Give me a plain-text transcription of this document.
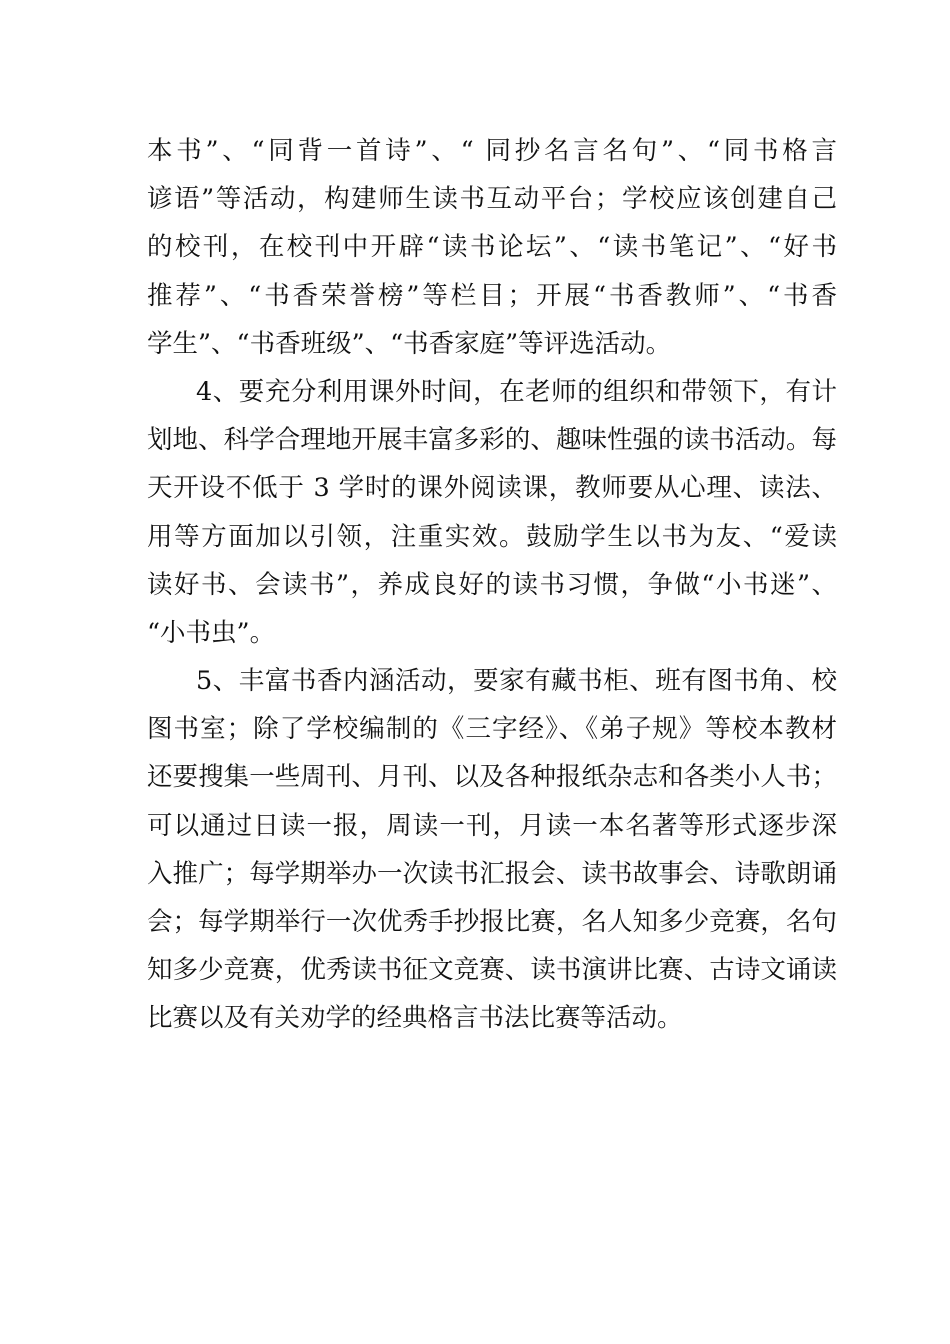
本书”、“同背一首诗”、“ 同抄名言名句”、“同书格言
谚语”等活动，构建师生读书互动平台；学校应该创建自己
的校刊，在校刊中开辟“读书论坛”、“读书笔记”、“好书
推荐”、“书香荣誉榜”等栏目；开展“书香教师”、“书香
学生”、“书香班级”、“书香家庭”等评选活动。
4、要充分利用课外时间，在老师的组织和带领下，有计
划地、科学合理地开展丰富多彩的、趣味性强的读书活动。每
天开设不低于 3 学时的课外阅读课，教师要从心理、读法、
用等方面加以引领，注重实效。鼓励学生以书为友、“爱读
读好书、会读书”，养成良好的读书习惯，争做“小书迷”、
“小书虫”。
5、丰富书香内涵活动，要家有藏书柜、班有图书角、校
图书室；除了学校编制的《三字经》、《弟子规》等校本教材
还要搜集一些周刊、月刊、以及各种报纸杂志和各类小人书；
可以通过日读一报，周读一刊，月读一本名著等形式逐步深
入推广；每学期举办一次读书汇报会、读书故事会、诗歌朗诵
会；每学期举行一次优秀手抄报比赛，名人知多少竞赛，名句
知多少竞赛，优秀读书征文竞赛、读书演讲比赛、古诗文诵读
比赛以及有关劝学的经典格言书法比赛等活动。
